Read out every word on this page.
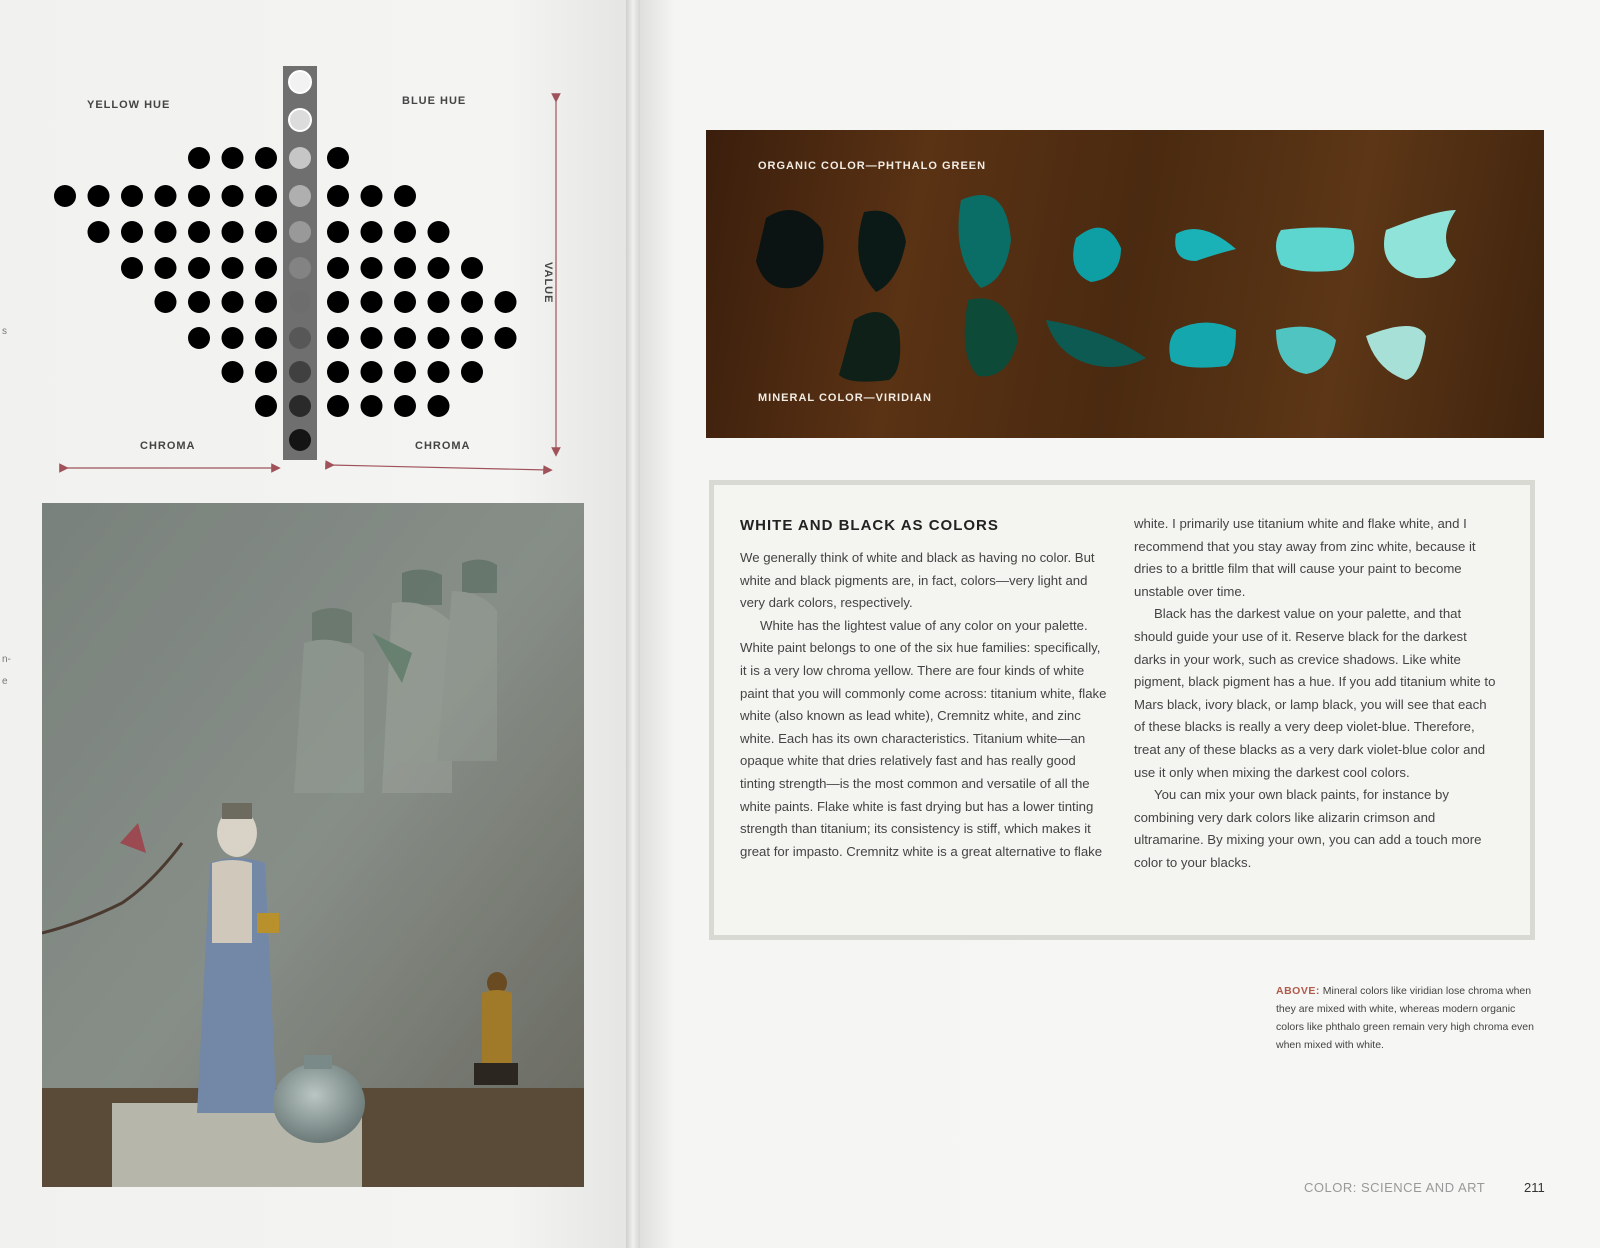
s
n-
e
YELLOW HUE	BLUE HUE
VALUE
CHROMA	CHROMA
ORGANIC COLOR—PHTHALO GREEN
MINERAL COLOR—VIRIDIAN
WHITE AND BLACK AS COLORS

We generally think of white and black as having no color. But white and black pigments are, in fact, colors—very light and very dark colors, respectively.

White has the lightest value of any color on your palette. White paint belongs to one of the six hue families: specifically, it is a very low chroma yellow. There are four kinds of white paint that you will commonly come across: titanium white, flake white (also known as lead white), Cremnitz white, and zinc white. Each has its own characteristics. Titanium white—an opaque white that dries relatively fast and has really good tinting strength—is the most common and versatile of all the white paints. Flake white is fast drying but has a lower tinting strength than titanium; its consistency is stiff, which makes it great for impasto. Cremnitz white is a great alternative to flake

white. I primarily use titanium white and flake white, and I recommend that you stay away from zinc white, because it dries to a brittle film that will cause your paint to become unstable over time.

Black has the darkest value on your palette, and that should guide your use of it. Reserve black for the darkest darks in your work, such as crevice shadows. Like white pigment, black pigment has a hue. If you add titanium white to Mars black, ivory black, or lamp black, you will see that each of these blacks is really a very deep violet-blue. Therefore, treat any of these blacks as a very dark violet-blue color and use it only when mixing the darkest cool colors.

You can mix your own black paints, for instance by combining very dark colors like alizarin crimson and ultramarine. By mixing your own, you can add a touch more color to your blacks.

ABOVE: Mineral colors like viridian lose chroma when they are mixed with white, whereas modern organic colors like phthalo green remain very high chroma even when mixed with white.
COLOR: SCIENCE AND ART	211
